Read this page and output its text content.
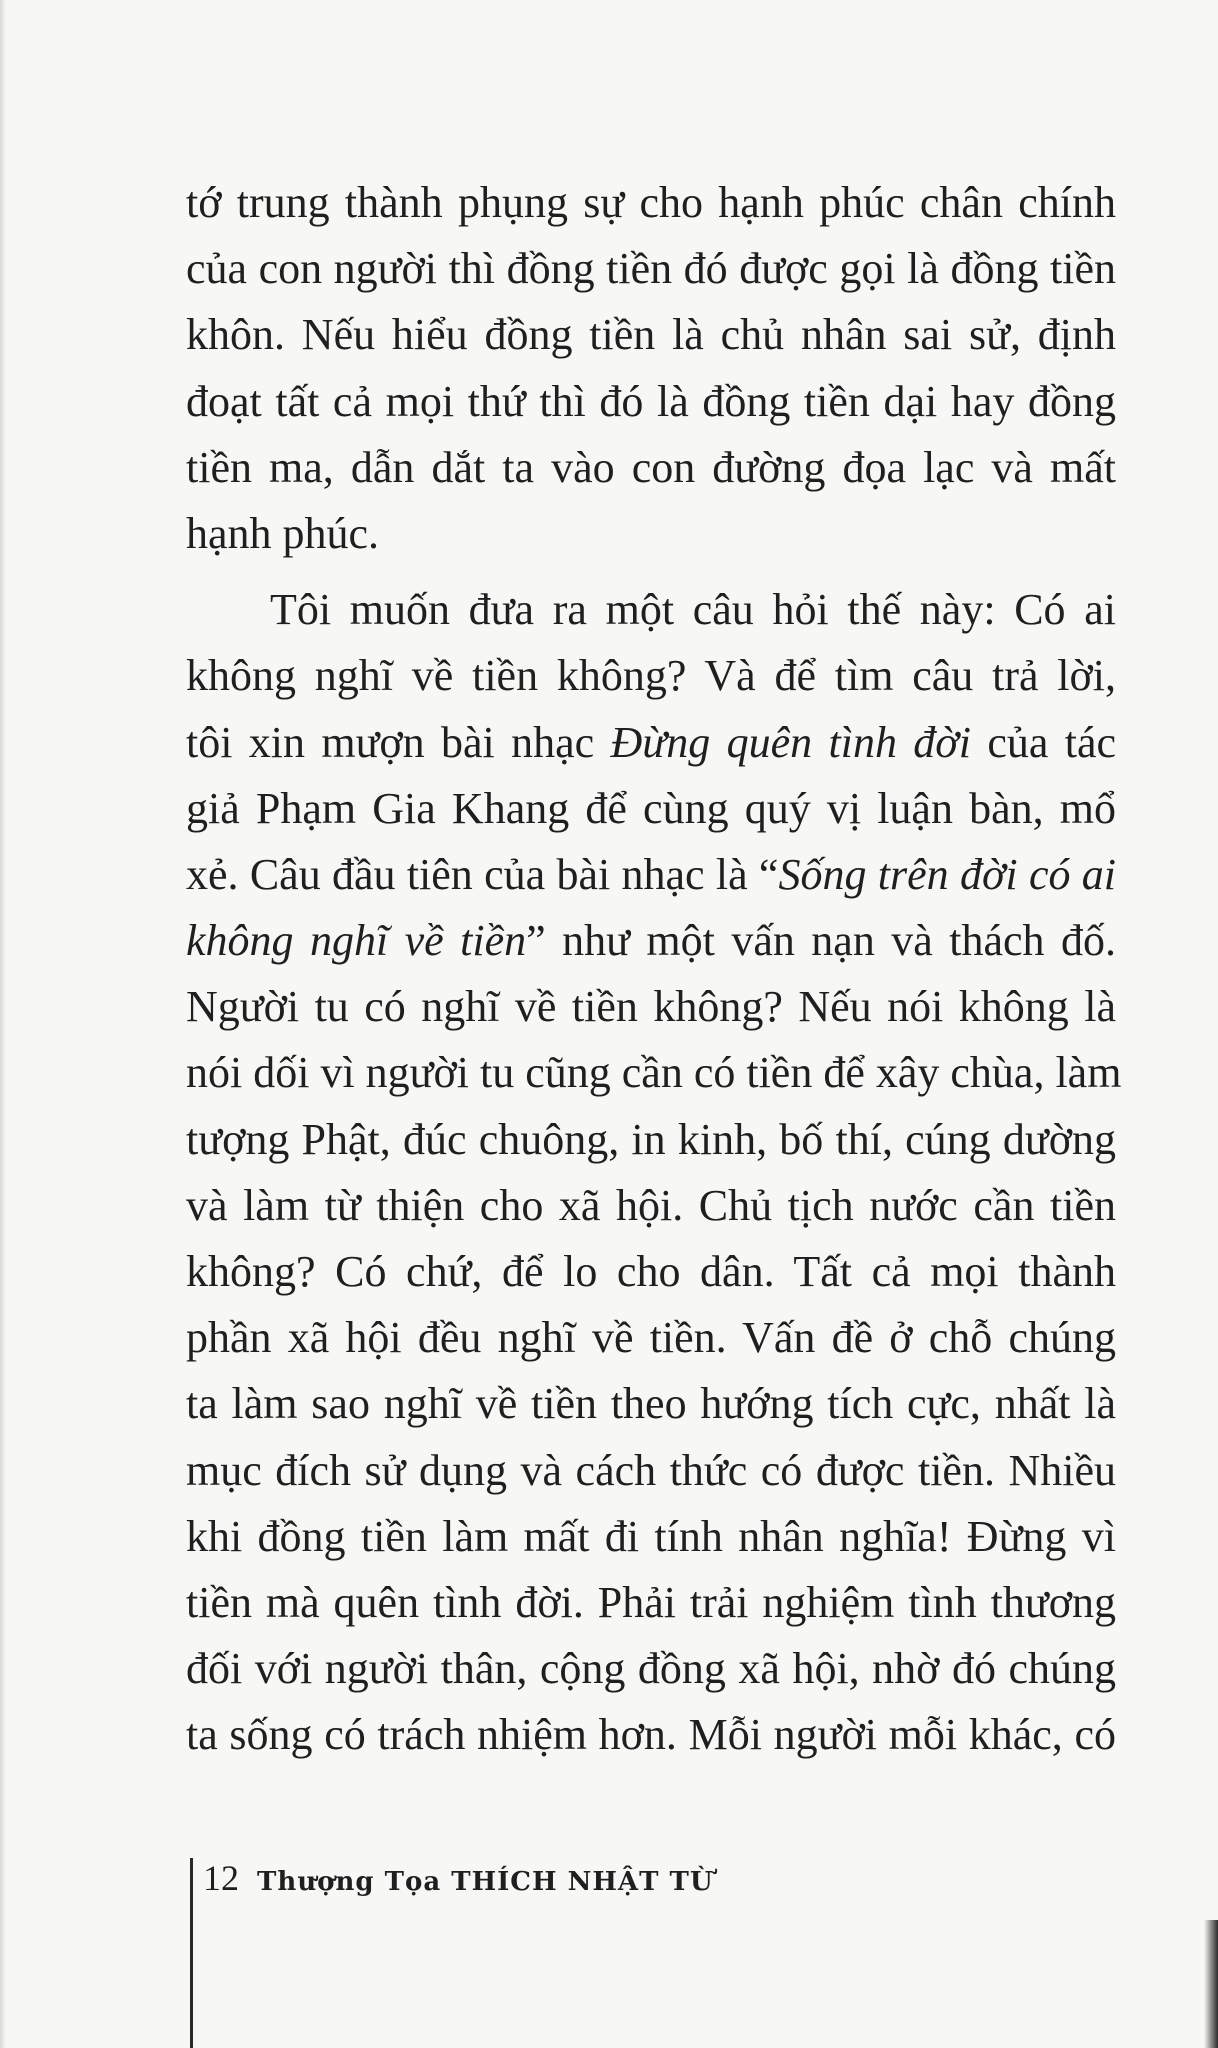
tớ trung thành phụng sự cho hạnh phúc chân chính
của con người thì đồng tiền đó được gọi là đồng tiền
khôn. Nếu hiểu đồng tiền là chủ nhân sai sử, định
đoạt tất cả mọi thứ thì đó là đồng tiền dại hay đồng
tiền ma, dẫn dắt ta vào con đường đọa lạc và mất
hạnh phúc.
Tôi muốn đưa ra một câu hỏi thế này: Có ai
không nghĩ về tiền không? Và để tìm câu trả lời,
tôi xin mượn bài nhạc Đừng quên tình đời của tác
giả Phạm Gia Khang để cùng quý vị luận bàn, mổ
xẻ. Câu đầu tiên của bài nhạc là “Sống trên đời có ai
không nghĩ về tiền” như một vấn nạn và thách đố.
Người tu có nghĩ về tiền không? Nếu nói không là
nói dối vì người tu cũng cần có tiền để xây chùa, làm
tượng Phật, đúc chuông, in kinh, bố thí, cúng dường
và làm từ thiện cho xã hội. Chủ tịch nước cần tiền
không? Có chứ, để lo cho dân. Tất cả mọi thành
phần xã hội đều nghĩ về tiền. Vấn đề ở chỗ chúng
ta làm sao nghĩ về tiền theo hướng tích cực, nhất là
mục đích sử dụng và cách thức có được tiền. Nhiều
khi đồng tiền làm mất đi tính nhân nghĩa! Đừng vì
tiền mà quên tình đời. Phải trải nghiệm tình thương
đối với người thân, cộng đồng xã hội, nhờ đó chúng
ta sống có trách nhiệm hơn. Mỗi người mỗi khác, có
12 Thượng Tọa THÍCH NHẬT TỪ
